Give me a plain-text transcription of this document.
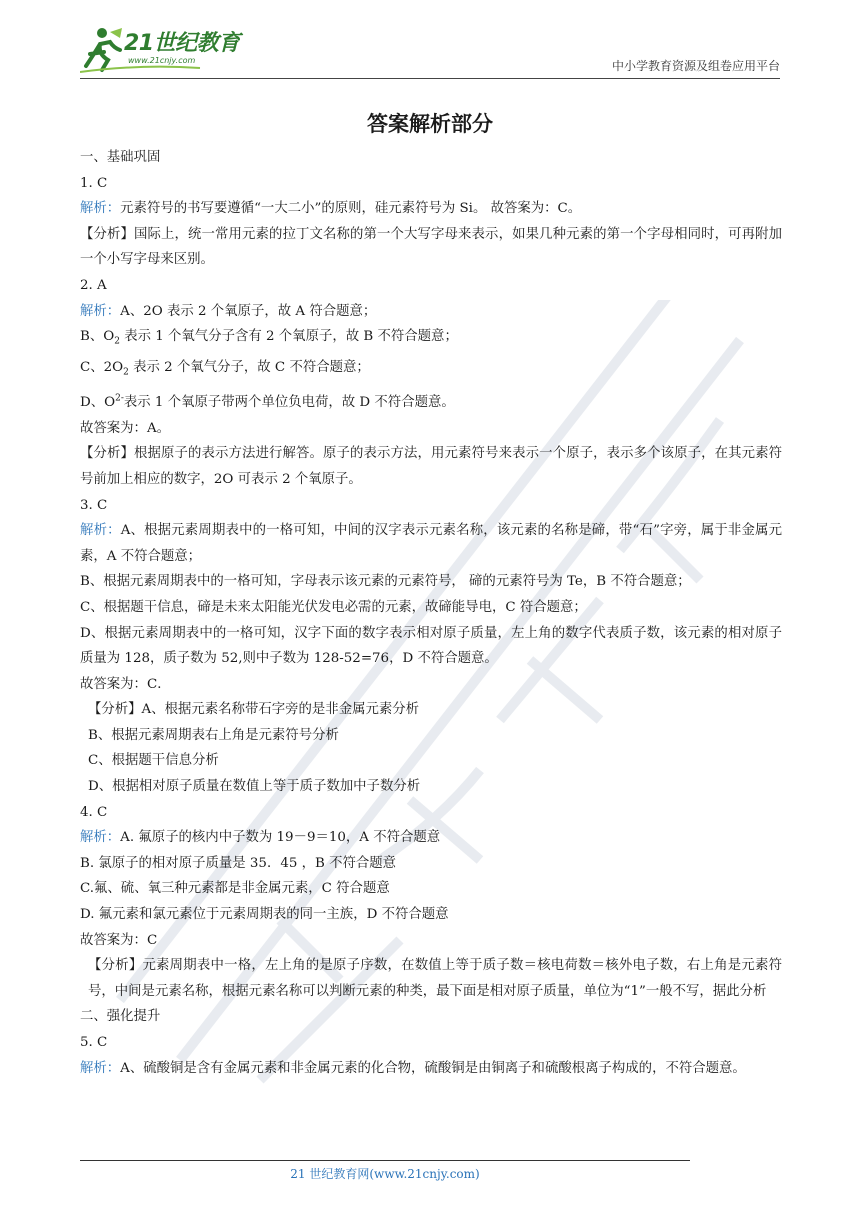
21世纪教育
www.21cnjy.com	中小学教育资源及组卷应用平台
答案解析部分
一、基础巩固
1. C
解析：元素符号的书写要遵循“一大二小”的原则，硅元素符号为 Si。 故答案为：C。
【分析】国际上，统一常用元素的拉丁文名称的第一个大写字母来表示，如果几种元素的第一个字母相同时，可再附加一个小写字母来区别。
2. A
解析：A、2O 表示 2 个氧原子，故 A 符合题意；
B、$O_2$ 表示 1 个氧气分子含有 2 个氧原子，故 B 不符合题意；
C、$2O_2$ 表示 2 个氧气分子，故 C 不符合题意；
D、$O^{2-}$表示 1 个氧原子带两个单位负电荷，故 D 不符合题意。
故答案为：A。
【分析】根据原子的表示方法进行解答。原子的表示方法，用元素符号来表示一个原子，表示多个该原子，在其元素符号前加上相应的数字，2O 可表示 2 个氧原子。
3. C
解析：A、根据元素周期表中的一格可知，中间的汉字表示元素名称，该元素的名称是碲，带“石”字旁，属于非金属元素，A 不符合题意；
B、根据元素周期表中的一格可知，字母表示该元素的元素符号， 碲的元素符号为 Te，B 不符合题意；
C、根据题干信息，碲是未来太阳能光伏发电必需的元素，故碲能导电，C 符合题意；
D、根据元素周期表中的一格可知，汉字下面的数字表示相对原子质量，左上角的数字代表质子数，该元素的相对原子质量为 128，质子数为 52,则中子数为 128-52=76，D 不符合题意。
故答案为：C．
【分析】A、根据元素名称带石字旁的是非金属元素分析
B、根据元素周期表右上角是元素符号分析
C、根据题干信息分析
D、根据相对原子质量在数值上等于质子数加中子数分析
4. C
解析：A. 氟原子的核内中子数为 19－9＝10，A 不符合题意
B. 氯原子的相对原子质量是 35．45 ，B 不符合题意
C.氟、硫、氧三种元素都是非金属元素，C 符合题意
D. 氟元素和氯元素位于元素周期表的同一主族，D 不符合题意
故答案为：C
【分析】元素周期表中一格，左上角的是原子序数，在数值上等于质子数＝核电荷数＝核外电子数，右上角是元素符号，中间是元素名称，根据元素名称可以判断元素的种类，最下面是相对原子质量，单位为“1”一般不写，据此分析
二、强化提升
5. C
解析：A、硫酸铜是含有金属元素和非金属元素的化合物，硫酸铜是由铜离子和硫酸根离子构成的，不符合题意。
21 世纪教育网(www.21cnjy.com)
